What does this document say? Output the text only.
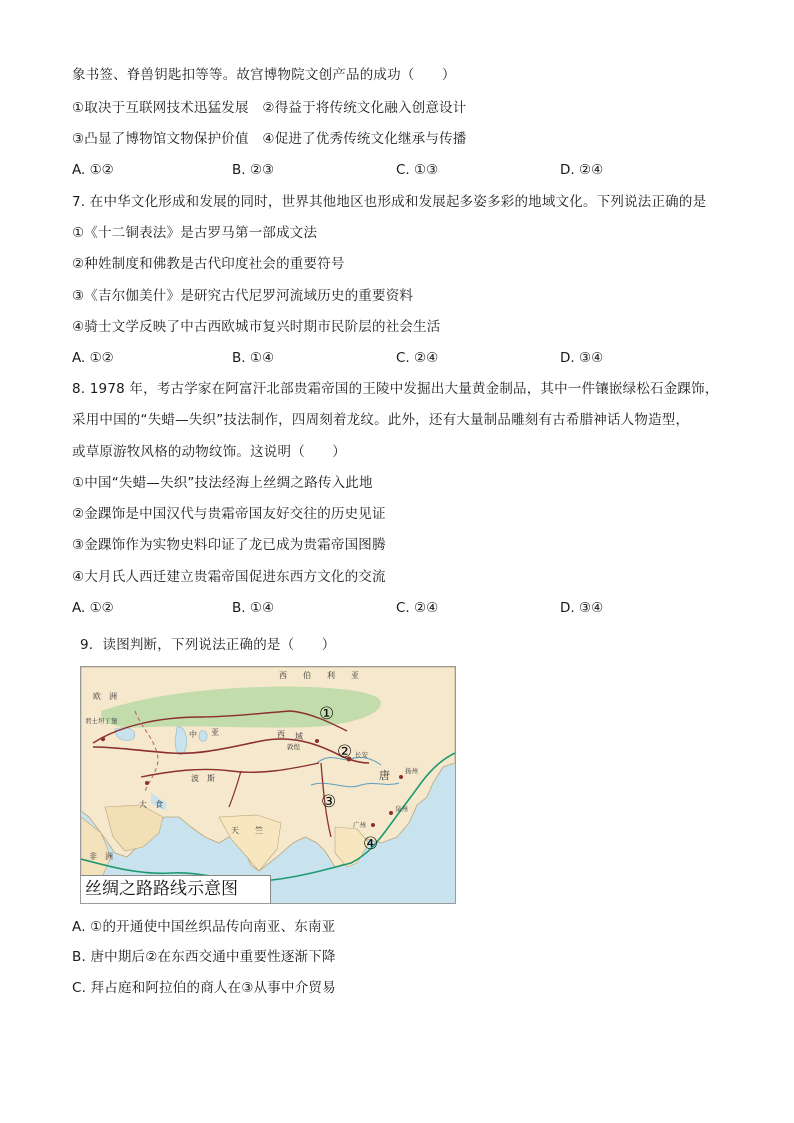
象书签、脊兽钥匙扣等等。故宫博物院文创产品的成功（　　）
①取决于互联网技术迅猛发展　②得益于将传统文化融入创意设计
③凸显了博物馆文物保护价值　④促进了优秀传统文化继承与传播
A. ①②	B. ②③	C. ①③	D. ②④
7. 在中华文化形成和发展的同时，世界其他地区也形成和发展起多姿多彩的地域文化。下列说法正确的是
①《十二铜表法》是古罗马第一部成文法
②种姓制度和佛教是古代印度社会的重要符号
③《吉尔伽美什》是研究古代尼罗河流域历史的重要资料
④骑士文学反映了中古西欧城市复兴时期市民阶层的社会生活
A. ①②	B. ①④	C. ②④	D. ③④
8. 1978 年，考古学家在阿富汗北部贵霜帝国的王陵中发掘出大量黄金制品，其中一件镶嵌绿松石金踝饰，
采用中国的“失蜡—失织”技法制作，四周刻着龙纹。此外，还有大量制品雕刻有古希腊神话人物造型，
或草原游牧风格的动物纹饰。这说明（　　）
①中国“失蜡—失织”技法经海上丝绸之路传入此地
②金踝饰是中国汉代与贵霜帝国友好交往的历史见证
③金踝饰作为实物史料印证了龙已成为贵霜帝国图腾
④大月氏人西迁建立贵霜帝国促进东西方文化的交流
A. ①②	B. ①④	C. ②④	D. ③④
9．读图判断，下列说法正确的是（　　）
西　　伯　　利　　亚
欧　洲
君士坦丁堡
非　洲
中 亚	西 域
敦煌
波　斯
大　食
天　　竺
长安
唐 扬州
泉州
广州
①
②
③
④
丝绸之路路线示意图
A. ①的开通使中国丝织品传向南亚、东南亚
B. 唐中期后②在东西交通中重要性逐渐下降
C. 拜占庭和阿拉伯的商人在③从事中介贸易
